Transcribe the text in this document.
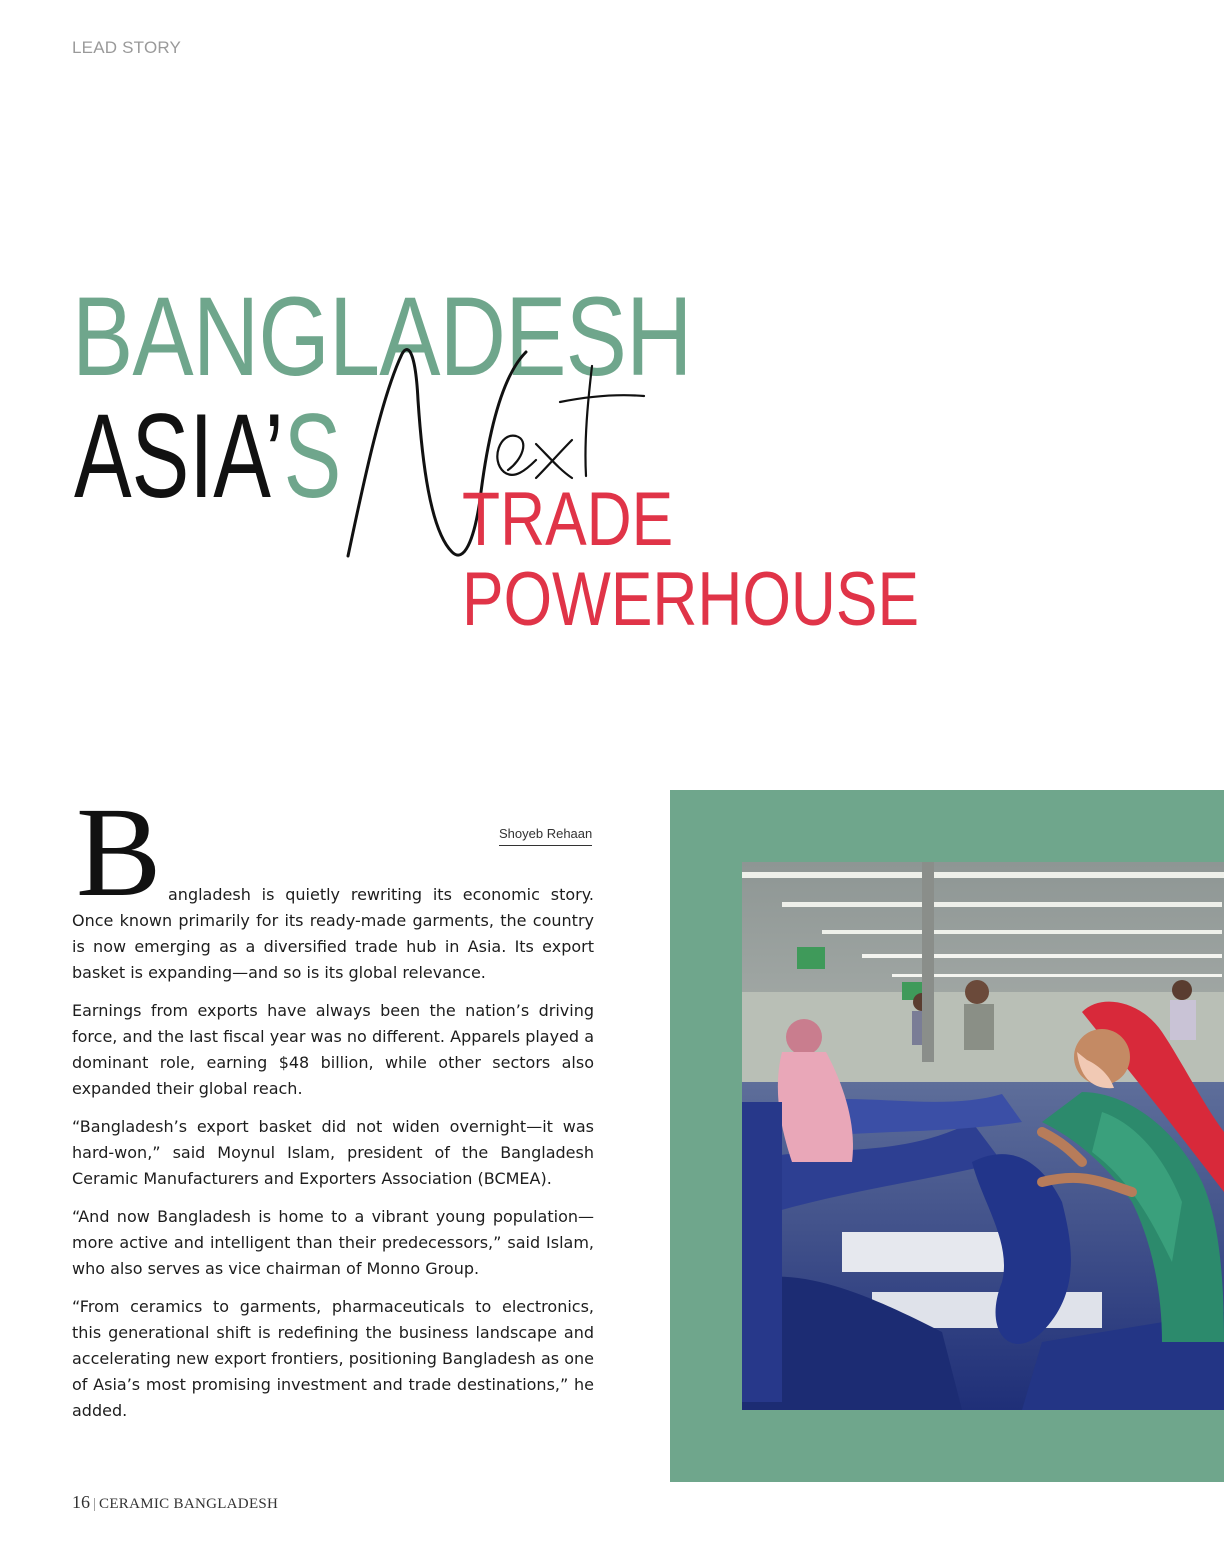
LEAD STORY
BANGLADESH
ASIA’S TRADE
POWERHOUSE
Shoyeb Rehaan
B angladesh is quietly rewriting its economic story. Once known primarily for its ready-made garments, the country is now emerging as a diversified trade hub in Asia. Its export basket is expanding—and so is its global relevance.

Earnings from exports have always been the nation’s driving force, and the last fiscal year was no different. Apparels played a dominant role, earning $48 billion, while other sectors also expanded their global reach.

“Bangladesh’s export basket did not widen overnight—it was hard-won,” said Moynul Islam, president of the Bangladesh Ceramic Manufacturers and Exporters Association (BCMEA).

“And now Bangladesh is home to a vibrant young population—more active and intelligent than their predecessors,” said Islam, who also serves as vice chairman of Monno Group.

“From ceramics to garments, pharmaceuticals to electronics, this generational shift is redefining the business landscape and accelerating new export frontiers, positioning Bangladesh as one of Asia’s most promising investment and trade destinations,” he added.

16 | CERAMIC BANGLADESH
